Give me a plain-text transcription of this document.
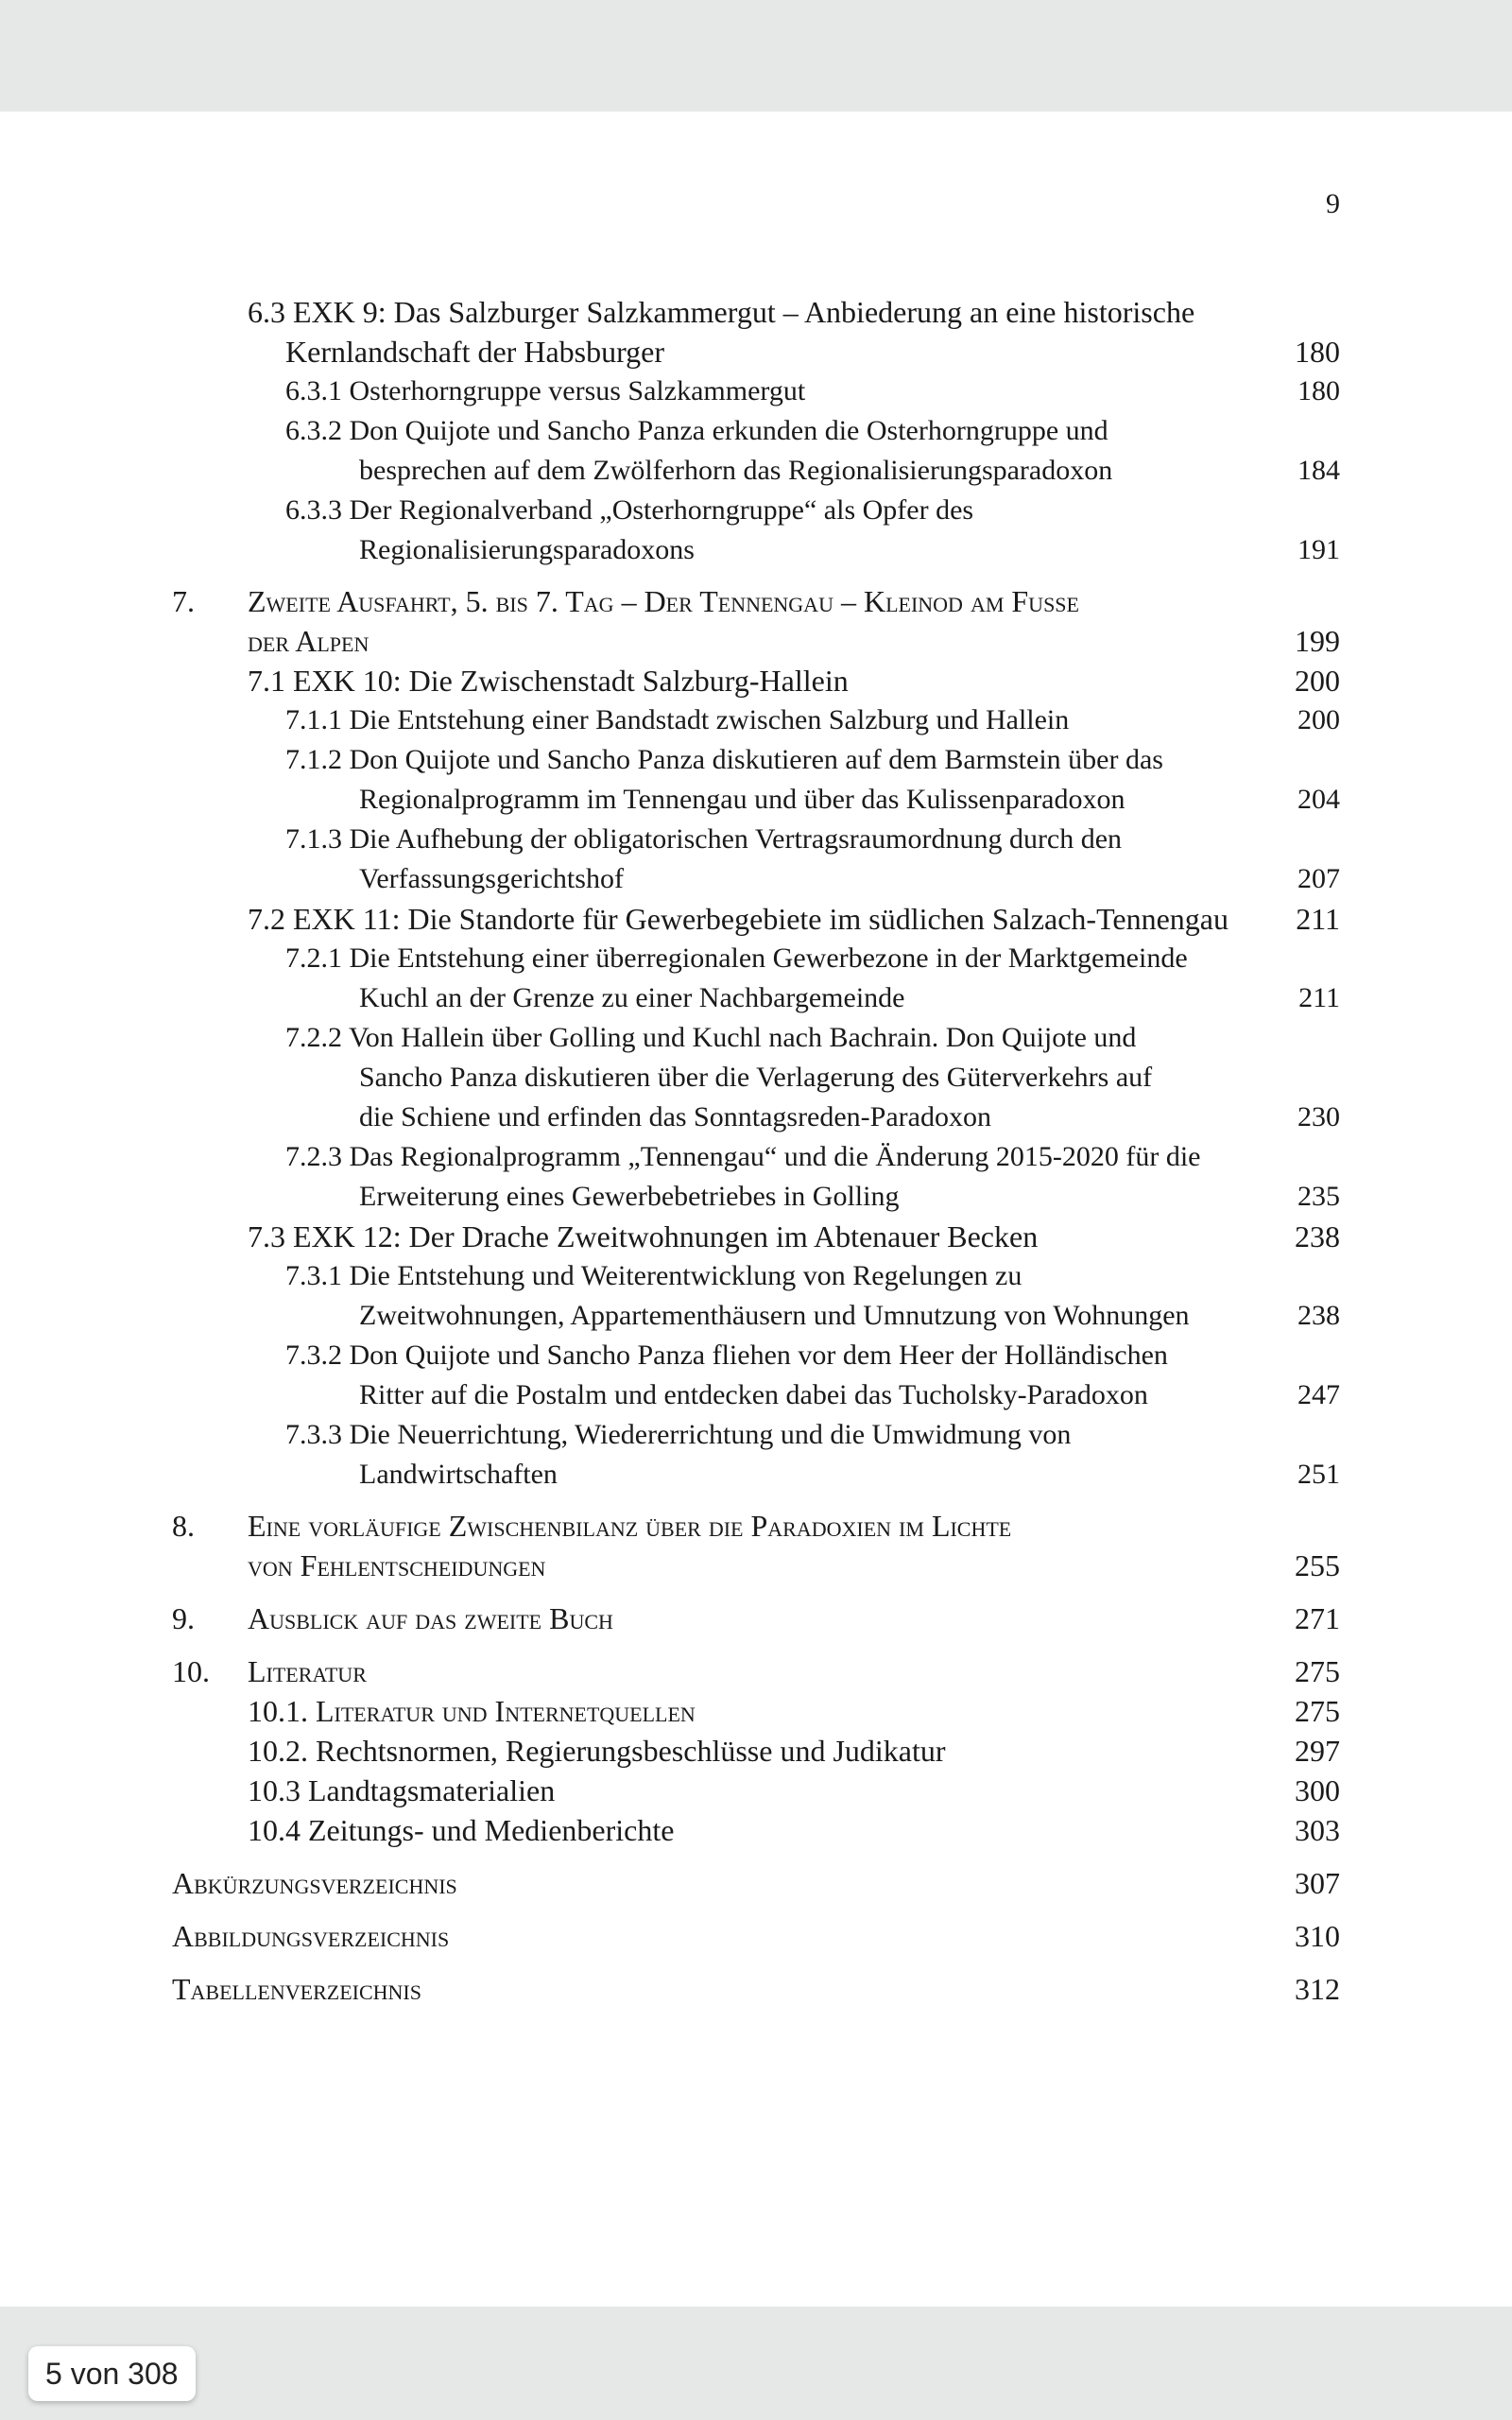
9
6.3 EXK 9: Das Salzburger Salzkammergut – Anbiederung an eine historische
Kernlandschaft der Habsburger	180
6.3.1 Osterhorngruppe versus Salzkammergut	180
6.3.2 Don Quijote und Sancho Panza erkunden die Osterhorngruppe und
besprechen auf dem Zwölferhorn das Regionalisierungsparadoxon	184
6.3.3 Der Regionalverband „Osterhorngruppe“ als Opfer des
Regionalisierungsparadoxons	191
7. Zweite Ausfahrt, 5. bis 7. Tag – Der Tennengau – Kleinod am Fuße
der Alpen	199
7.1 EXK 10: Die Zwischenstadt Salzburg-Hallein	200
7.1.1 Die Entstehung einer Bandstadt zwischen Salzburg und Hallein	200
7.1.2 Don Quijote und Sancho Panza diskutieren auf dem Barmstein über das
Regionalprogramm im Tennengau und über das Kulissenparadoxon	204
7.1.3 Die Aufhebung der obligatorischen Vertragsraumordnung durch den
Verfassungsgerichtshof	207
7.2 EXK 11: Die Standorte für Gewerbegebiete im südlichen Salzach-Tennengau 211
7.2.1 Die Entstehung einer überregionalen Gewerbezone in der Marktgemeinde
Kuchl an der Grenze zu einer Nachbargemeinde	211
7.2.2 Von Hallein über Golling und Kuchl nach Bachrain. Don Quijote und
Sancho Panza diskutieren über die Verlagerung des Güterverkehrs auf
die Schiene und erfinden das Sonntagsreden-Paradoxon	230
7.2.3 Das Regionalprogramm „Tennengau“ und die Änderung 2015-2020 für die
Erweiterung eines Gewerbebetriebes in Golling	235
7.3 EXK 12: Der Drache Zweitwohnungen im Abtenauer Becken	238
7.3.1 Die Entstehung und Weiterentwicklung von Regelungen zu
Zweitwohnungen, Appartementhäusern und Umnutzung von Wohnungen	238
7.3.2 Don Quijote und Sancho Panza fliehen vor dem Heer der Holländischen
Ritter auf die Postalm und entdecken dabei das Tucholsky-Paradoxon	247
7.3.3 Die Neuerrichtung, Wiedererrichtung und die Umwidmung von
Landwirtschaften	251
8. Eine vorläufige Zwischenbilanz über die Paradoxien im Lichte
von Fehlentscheidungen	255
9. Ausblick auf das zweite Buch	271
10. Literatur	275
10.1. Literatur und Internetquellen	275
10.2. Rechtsnormen, Regierungsbeschlüsse und Judikatur	297
10.3 Landtagsmaterialien	300
10.4 Zeitungs- und Medienberichte	303
Abkürzungsverzeichnis	307
Abbildungsverzeichnis	310
Tabellenverzeichnis	312
5 von 308
